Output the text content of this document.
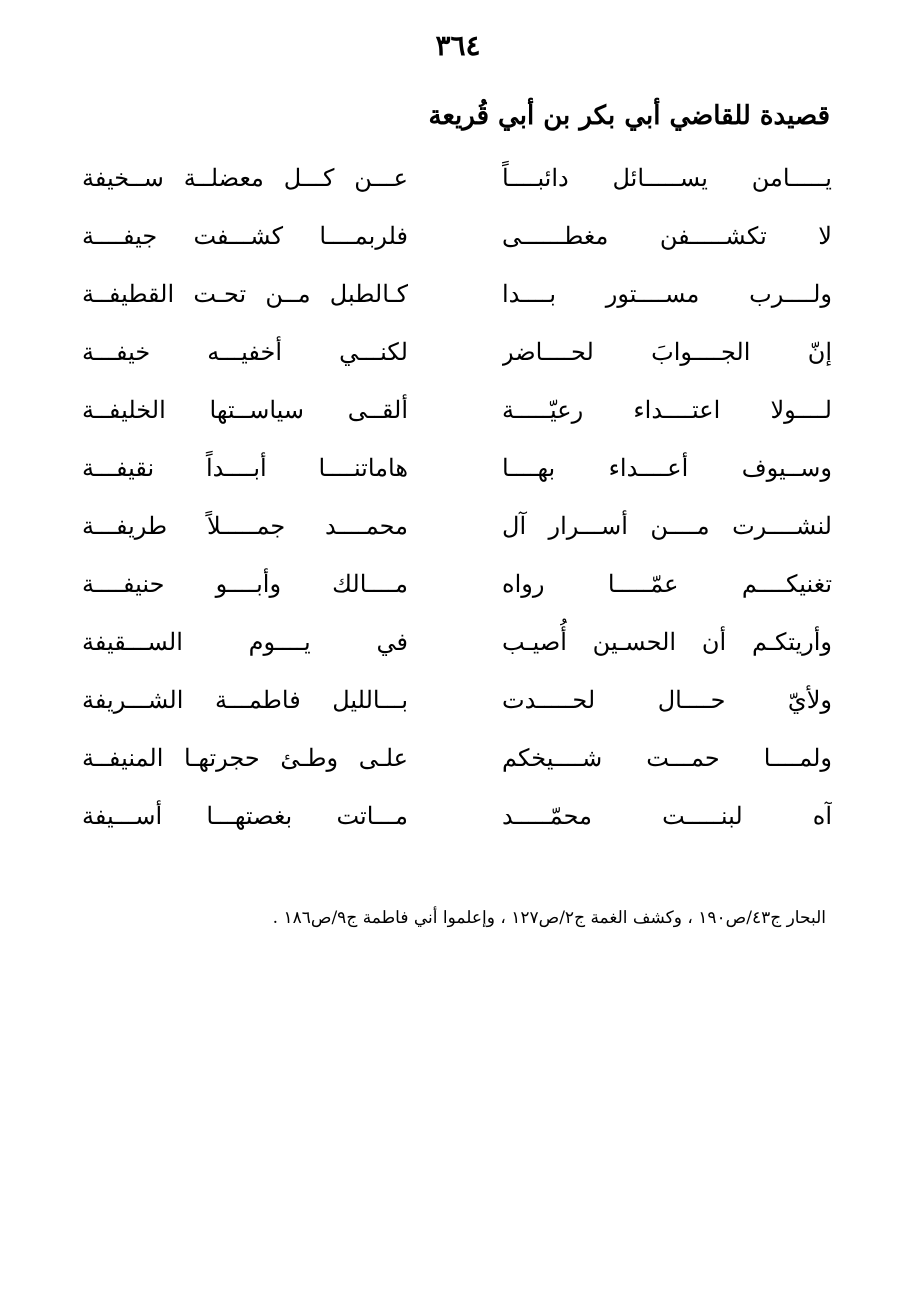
٣٦٤
قصيدة للقاضي أبي بكر بن أبي قُريعة
يـــــامن يســـــائل دائبــــاً
عـــن كـــل معضلــة ســخيفة
لا تكشـــــفن مغطــــــى
فلربمــــا كشـــفت جيفــــة
ولــــرب مســــتور بــــدا
كـالطبل مــن تحـت القطيفــة
إنّ الجــــوابَ لحــــاضر
لكنـــي أخفيـــه خيفـــة
لــــولا اعتــــداء رعيّـــــة
ألقــى سياســتها الخليفــة
وســيوف أعــــداء بهــــا
هاماتنــــا أبــــداً نقيفـــة
لنشــــرت مــــن أســـرار آل
محمــــد جمـــــلاً طريفـــة
تغنيكــــم عمّـــــا رواه
مــــالك وأبــــو حنيفــــة
وأريتكـم أن الحسـين أُصيـب
في يــــوم الســـقيفة
ولأيّ حــــال لحـــــدت
بـــالليل فاطمـــة الشـــريفة
ولمــــا حمـــت شــــيخكم
علـى وطـئ حجرتهـا المنيفــة
آه لبنـــــت محمّـــــد
مـــاتت بغصتهـــا أســـيفة
البحار ج٤٣/ص١٩٠ ، وكشف الغمة ج٢/ص١٢٧ ، وإعلموا أني فاطمة ج٩/ص١٨٦ .
